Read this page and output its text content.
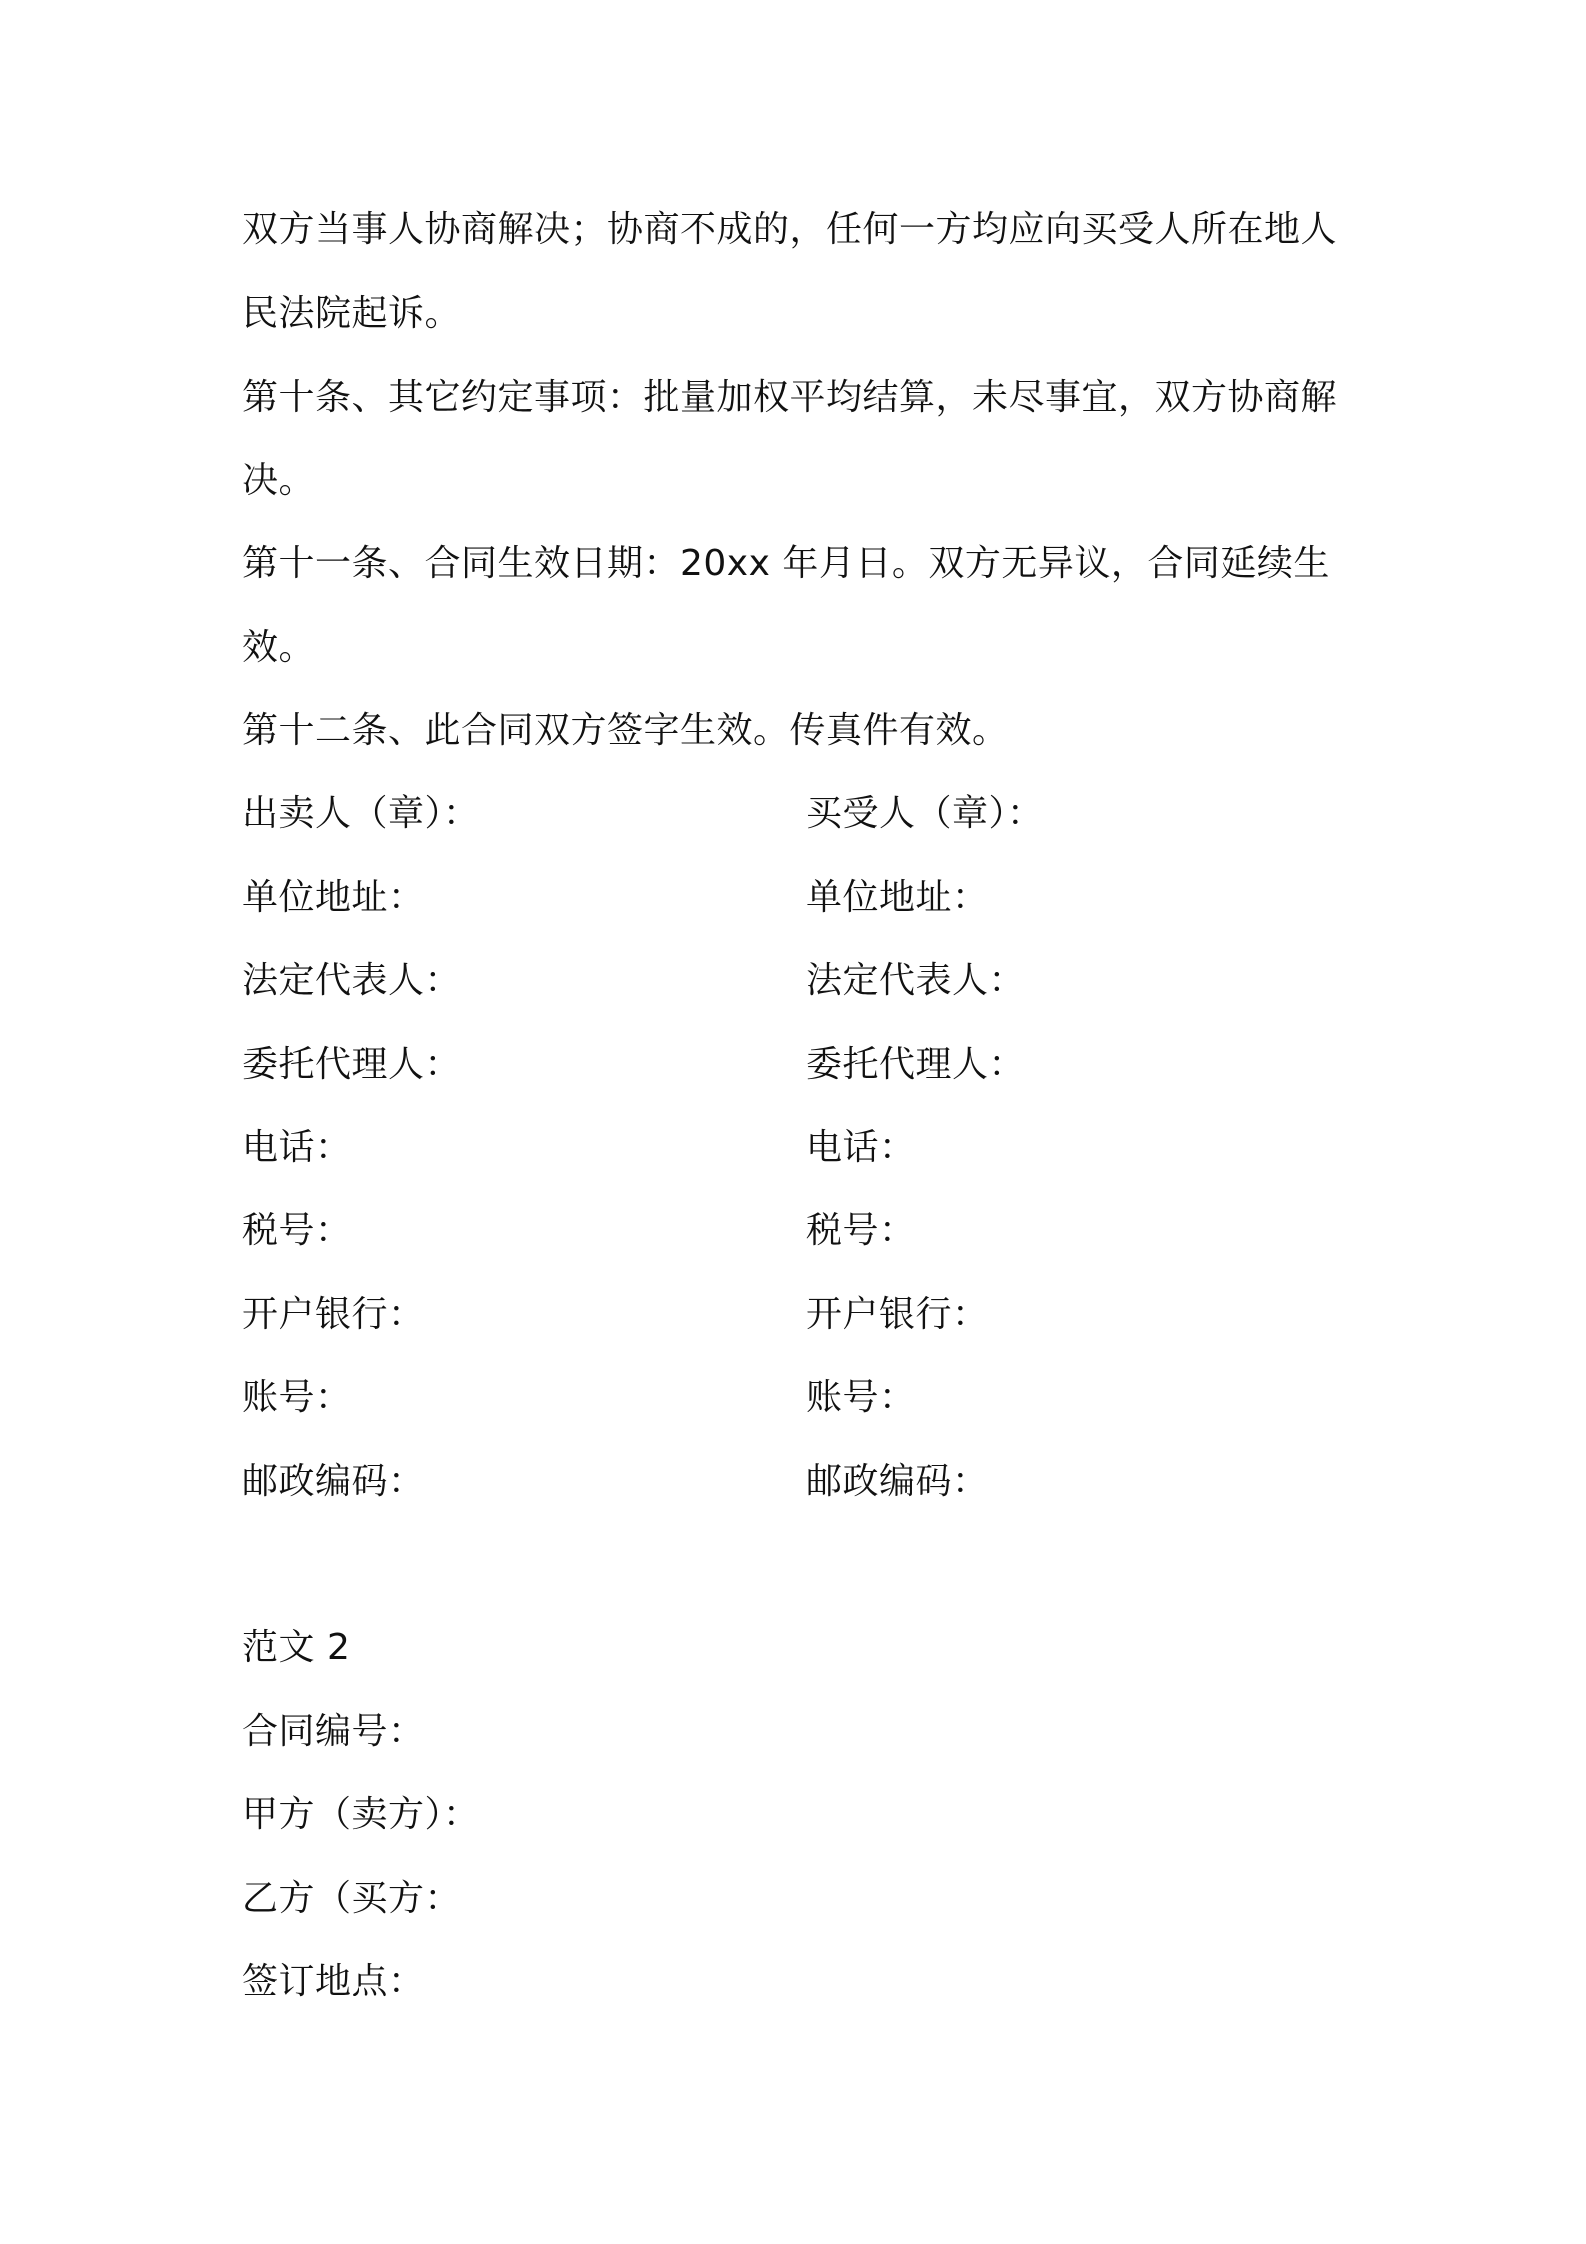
双方当事人协商解决；协商不成的，任何一方均应向买受人所在地人
民法院起诉。
第十条、其它约定事项：批量加权平均结算，未尽事宜，双方协商解
决。
第十一条、合同生效日期：20xx 年月日。双方无异议，合同延续生
效。
第十二条、此合同双方签字生效。传真件有效。
出卖人（章）：
单位地址：
法定代表人：
委托代理人：
电话：
税号：
开户银行：
账号：
邮政编码：
买受人（章）：
单位地址：
法定代表人：
委托代理人：
电话：
税号：
开户银行：
账号：
邮政编码：
范文 2
合同编号：
甲方（卖方）：
乙方（买方：
签订地点：
